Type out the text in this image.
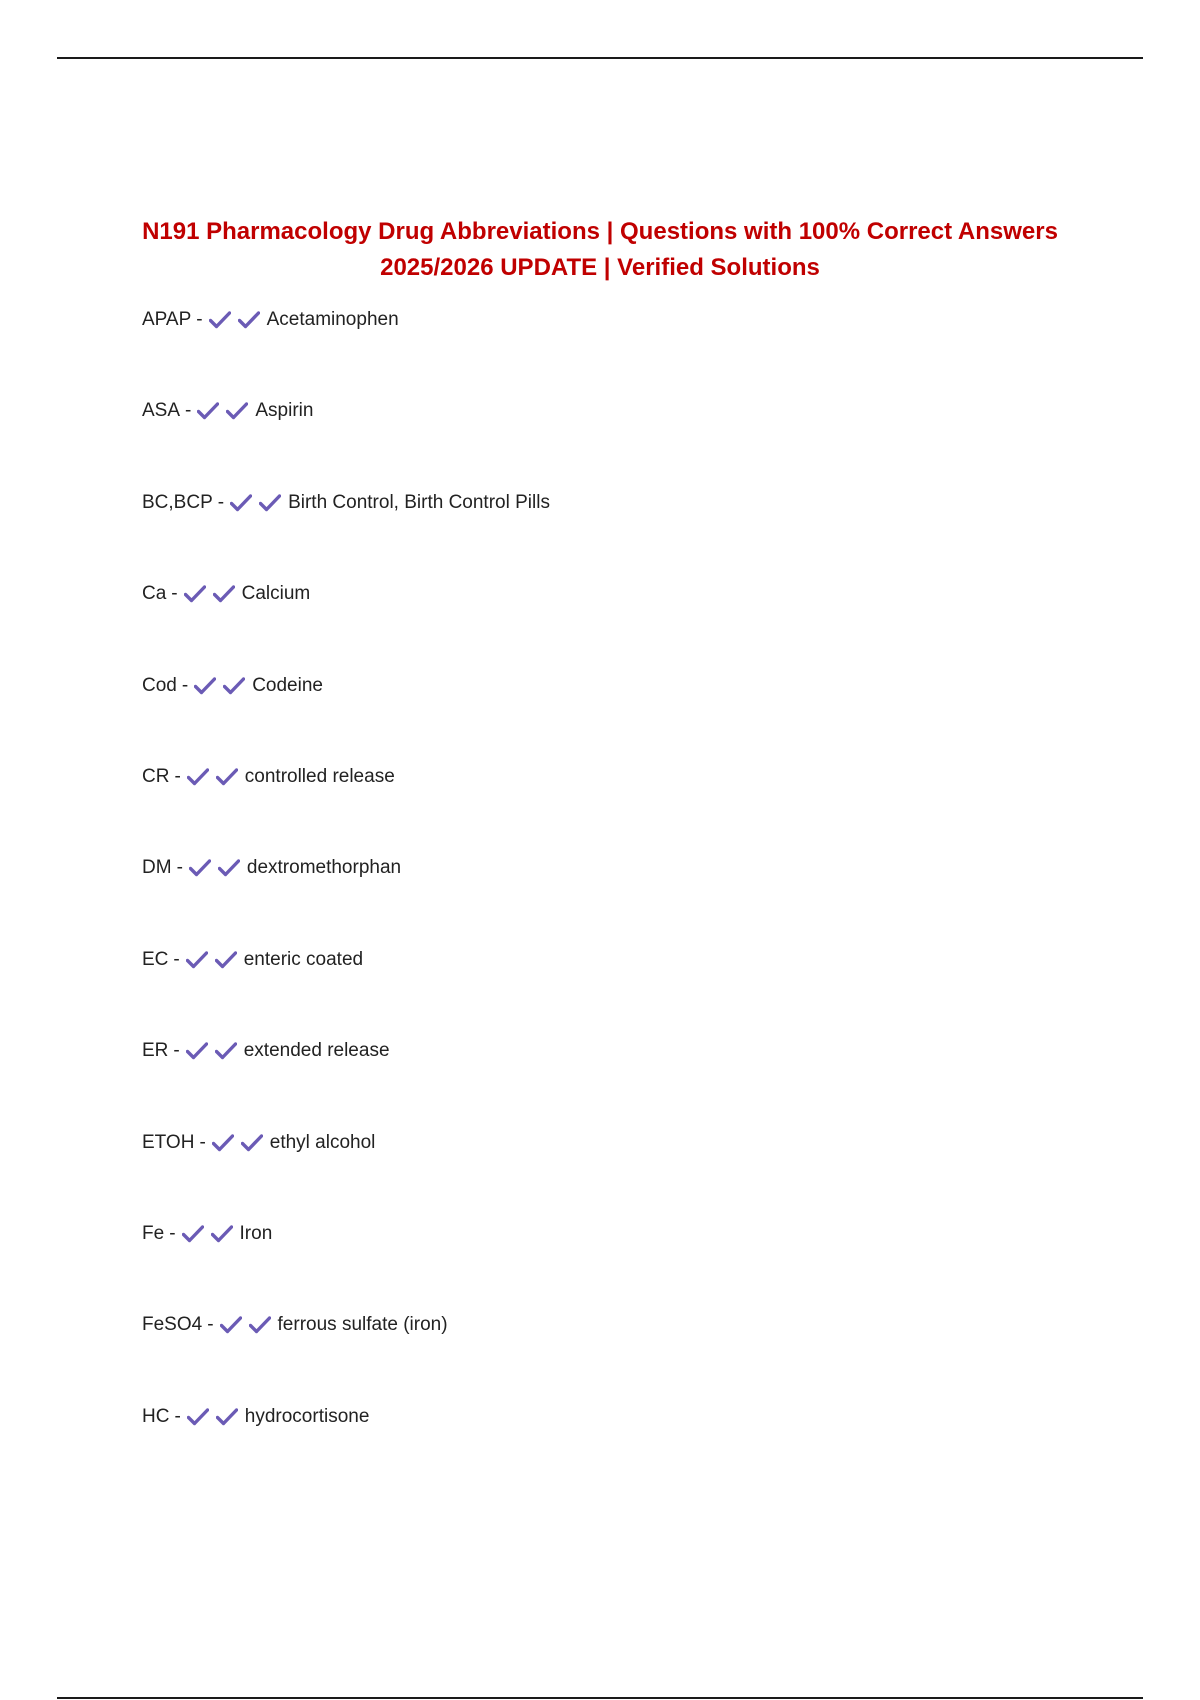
N191 Pharmacology Drug Abbreviations | Questions with 100% Correct Answers
2025/2026 UPDATE | Verified Solutions
APAP -	Acetaminophen
ASA -	Aspirin
BC,BCP -	Birth Control, Birth Control Pills
Ca -	Calcium
Cod -	Codeine
CR -	controlled release
DM -	dextromethorphan
EC -	enteric coated
ER -	extended release
ETOH -	ethyl alcohol
Fe -	Iron
FeSO4 -	ferrous sulfate (iron)
HC -	hydrocortisone
